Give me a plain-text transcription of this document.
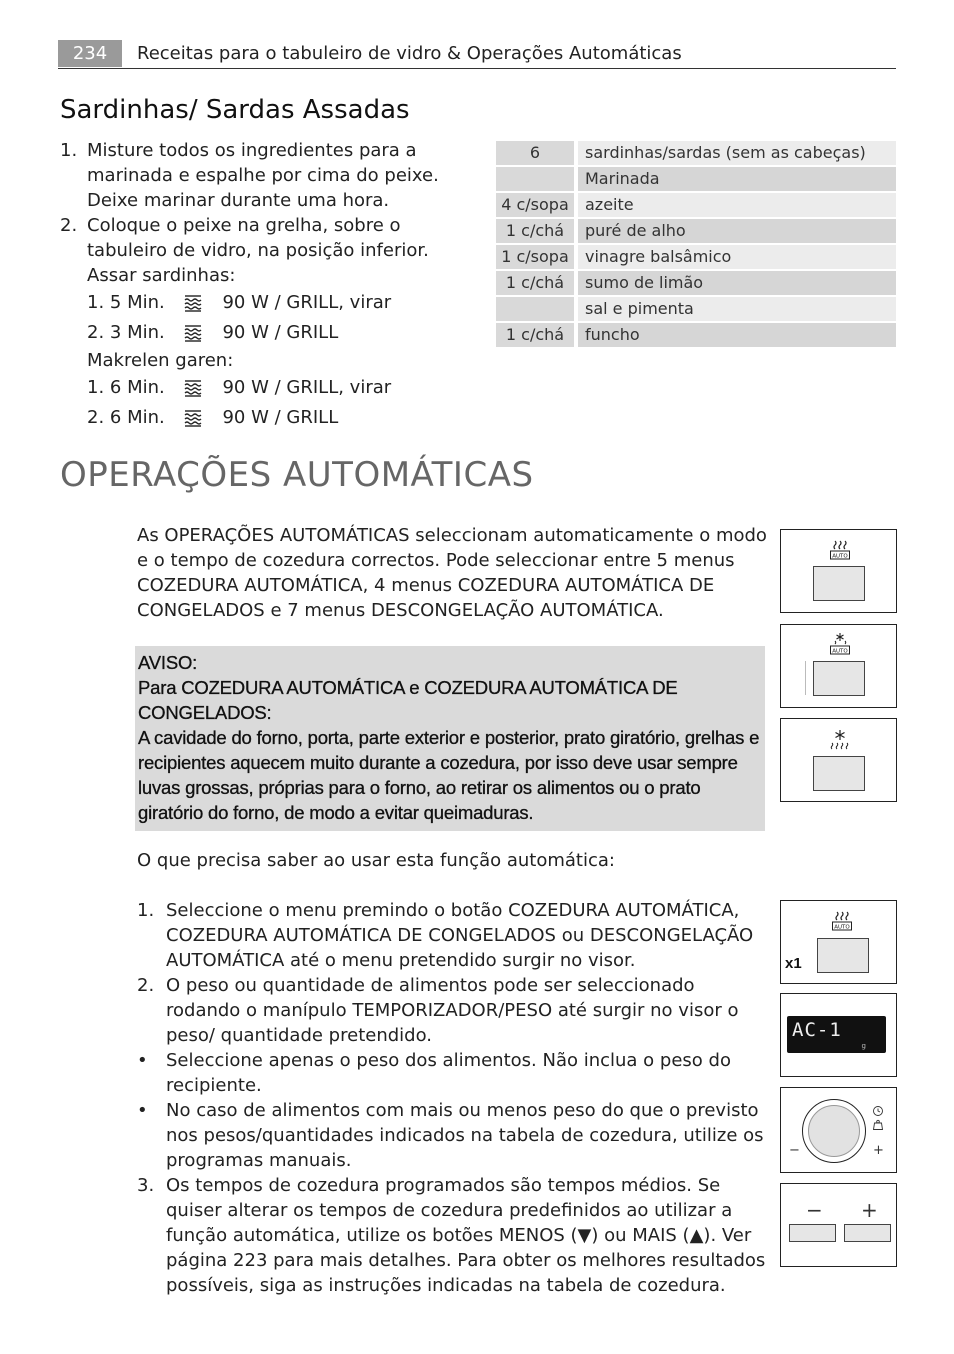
234	Receitas para o tabuleiro de vidro & Operações Automáticas
Sardinhas/ Sardas Assadas
1. Misture todos os ingredientes para a marinada e espalhe por cima do peixe. Deixe marinar durante uma hora.
2. Coloque o peixe na grelha, sobre o tabuleiro de vidro, na posição inferior.
Assar sardinhas:
1. 5 Min.	90 W / GRILL, virar
2. 3 Min.	90 W / GRILL
Makrelen garen:
1. 6 Min.	90 W / GRILL, virar
2. 6 Min.	90 W / GRILL
6	sardinhas/sardas (sem as cabeças)
	Marinada
4 c/sopa	azeite
1 c/chá	puré de alho
1 c/sopa	vinagre balsâmico
1 c/chá	sumo de limão
	sal e pimenta
1 c/chá	funcho
OPERAÇÕES AUTOMÁTICAS

As OPERAÇÕES AUTOMÁTICAS seleccionam automaticamente o modo e o tempo de cozedura correctos. Pode seleccionar entre 5 menus COZEDURA AUTOMÁTICA, 4 menus COZEDURA AUTOMÁTICA DE CONGELADOS e 7 menus DESCONGELAÇÃO AUTOMÁTICA.

AVISO:

Para COZEDURA AUTOMÁTICA e COZEDURA AUTOMÁTICA DE CONGELADOS:

A cavidade do forno, porta, parte exterior e posterior, prato giratório, grelhas e recipientes aquecem muito durante a cozedura, por isso deve usar sempre luvas grossas, próprias para o forno, ao retirar os alimentos ou o prato giratório do forno, de modo a evitar queimaduras.

O que precisa saber ao usar esta função automática:

1. Seleccione o menu premindo o botão COZEDURA AUTOMÁTICA, COZEDURA AUTOMÁTICA DE CONGELADOS ou DESCONGELAÇÃO AUTOMÁTICA até o menu pretendido surgir no visor.
2. O peso ou quantidade de alimentos pode ser seleccionado rodando o manípulo TEMPORIZADOR/PESO até surgir no visor o peso/ quantidade pretendido.
• Seleccione apenas o peso dos alimentos. Não inclua o peso do recipiente.
• No caso de alimentos com mais ou menos peso do que o previsto nos pesos/quantidades indicados na tabela de cozedura, utilize os programas manuais.
3. Os tempos de cozedura programados são tempos médios. Se quiser alterar os tempos de cozedura predefinidos ao utilizar a função automática, utilize os botões MENOS (▼) ou MAIS (▲). Ver página 223 para mais detalhes. Para obter os melhores resultados possíveis, siga as instruções indicadas na tabela de cozedura.
AUTO
AUTO
AUTO
x1
AC-1
g
−	+
− +
